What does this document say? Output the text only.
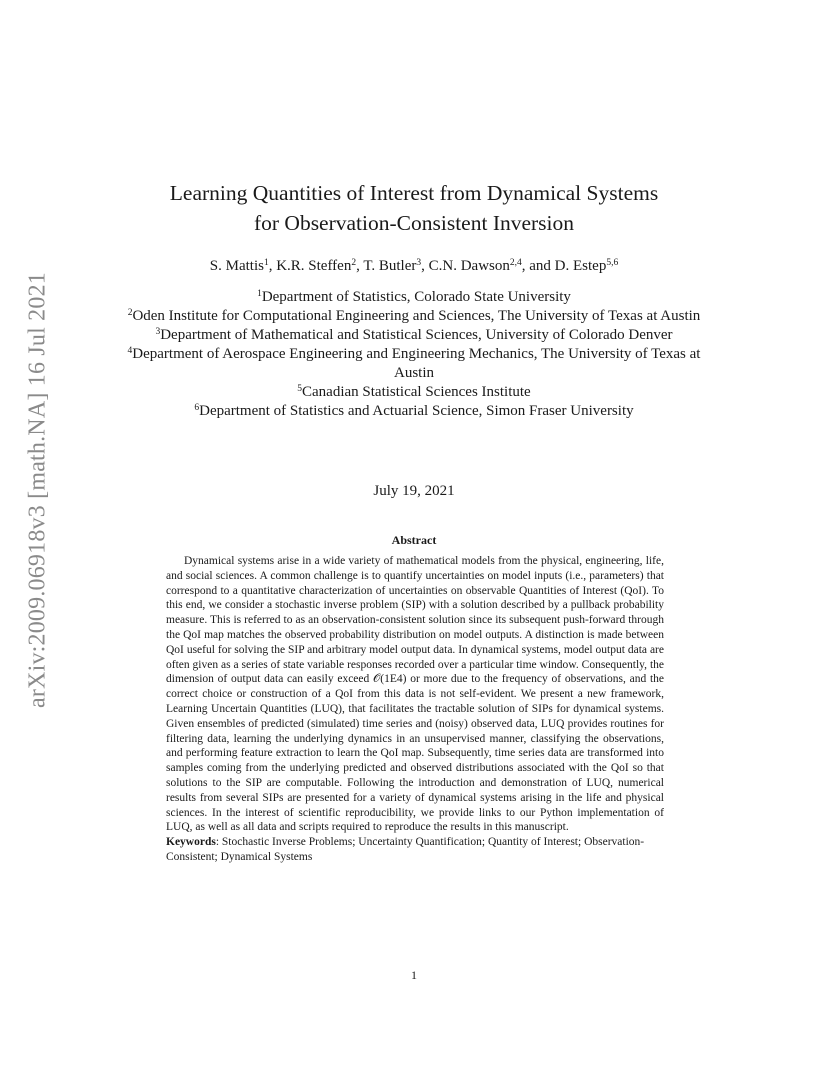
arXiv:2009.06918v3 [math.NA] 16 Jul 2021
Learning Quantities of Interest from Dynamical Systems
for Observation-Consistent Inversion
S. Mattis$^1$, K.R. Steffen$^2$, T. Butler$^3$, C.N. Dawson$^{2,4}$, and D. Estep$^{5,6}$
$^1$Department of Statistics, Colorado State University
$^2$Oden Institute for Computational Engineering and Sciences, The University of Texas at Austin
$^3$Department of Mathematical and Statistical Sciences, University of Colorado Denver
$^4$Department of Aerospace Engineering and Engineering Mechanics, The University of Texas at Austin
$^5$Canadian Statistical Sciences Institute
$^6$Department of Statistics and Actuarial Science, Simon Fraser University
July 19, 2021
Abstract

Dynamical systems arise in a wide variety of mathematical models from the physical, engineering, life, and social sciences. A common challenge is to quantify uncertainties on model inputs (i.e., parameters) that correspond to a quantitative characterization of uncertainties on observable Quantities of Interest (QoI). To this end, we consider a stochastic inverse problem (SIP) with a solution described by a pullback probability measure. This is referred to as an observation-consistent solution since its subsequent push-forward through the QoI map matches the observed probability distribution on model outputs. A distinction is made between QoI useful for solving the SIP and arbitrary model output data. In dynamical systems, model output data are often given as a series of state variable responses recorded over a particular time window. Consequently, the dimension of output data can easily exceed 𝒪(1E4) or more due to the frequency of observations, and the correct choice or construction of a QoI from this data is not self-evident. We present a new framework, Learning Uncertain Quantities (LUQ), that facilitates the tractable solution of SIPs for dynamical systems. Given ensembles of predicted (simulated) time series and (noisy) observed data, LUQ provides routines for filtering data, learning the underlying dynamics in an unsupervised manner, classifying the observations, and performing feature extraction to learn the QoI map. Subsequently, time series data are transformed into samples coming from the underlying predicted and observed distributions associated with the QoI so that solutions to the SIP are computable. Following the introduction and demonstration of LUQ, numerical results from several SIPs are presented for a variety of dynamical systems arising in the life and physical sciences. In the interest of scientific reproducibility, we provide links to our Python implementation of LUQ, as well as all data and scripts required to reproduce the results in this manuscript.

Keywords: Stochastic Inverse Problems; Uncertainty Quantification; Quantity of Interest; Observation-Consistent; Dynamical Systems

1
